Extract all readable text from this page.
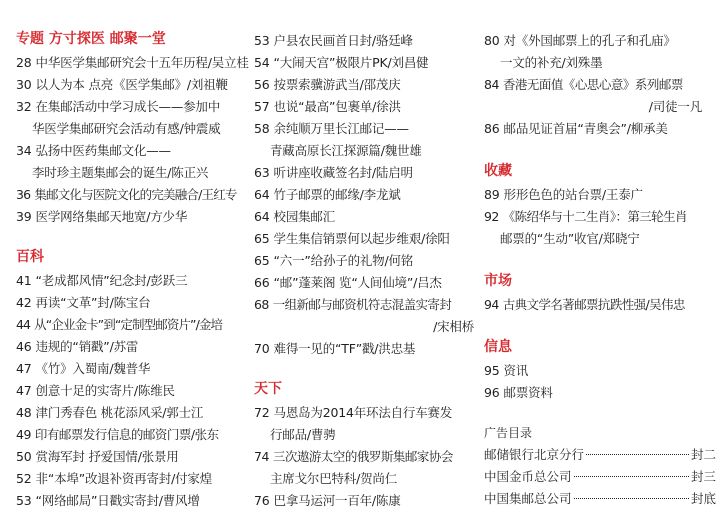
专题 方寸探医 邮聚一堂
28 中华医学集邮研究会十五年历程/吴立桂
30 以人为本 点亮《医学集邮》/刘祖鞭
32 在集邮活动中学习成长——参加中
华医学集邮研究会活动有感/钟震威
34 弘扬中医药集邮文化——
李时珍主题集邮会的诞生/陈正兴
36 集邮文化与医院文化的完美融合/王红专
39 医学网络集邮天地宽/方少华
百科
41 “老成都风情”纪念封/彭跃三
42 再读“文革”封/陈宝台
44 从“企业金卡”到“定制型邮资片”/金培
46 违规的“销戳”/苏雷
47 《竹》入蜀南/魏普华
47 创意十足的实寄片/陈维民
48 津门秀春色 桃花添风采/郭士江
49 印有邮票发行信息的邮资门票/张东
50 赏海军封 抒爱国情/张景用
52 非“本埠”改退补资再寄封/付家煌
53 “网络邮局”日戳实寄封/曹风增
53 户县农民画首日封/骆廷峰
54 “大闹天宫”极限片PK/刘昌健
56 按票索骥游武当/邵茂庆
57 也说“最高”包裹单/徐洪
58 余纯顺万里长江邮记——
青藏高原长江探源篇/魏世雄
63 听讲座收藏签名封/陆启明
64 竹子邮票的邮缘/李龙斌
64 校园集邮汇
65 学生集信销票何以起步维艰/徐阳
65 “六一”给孙子的礼物/何铭
66 “邮”蓬莱阁 览“人间仙境”/吕杰
68 一组新邮与邮资机符志混盖实寄封
/宋相桥
70 难得一见的“TF”戳/洪忠基
天下
72 马恩岛为2014年环法自行车赛发
行邮品/曹骋
74 三次遨游太空的俄罗斯集邮家协会
主席戈尔巴特科/贺尚仁
76 巴拿马运河一百年/陈康
80 对《外国邮票上的孔子和孔庙》
一文的补充/刘殊墨
84 香港无面值《心思心意》系列邮票
/司徒一凡
86 邮品见证首届“青奥会”/柳承美
收藏
89 形形色色的站台票/王泰广
92 《陈绍华与十二生肖》：第三轮生肖
邮票的“生动”收官/郑晓宁
市场
94 古典文学名著邮票抗跌性强/吴伟忠
信息
95 资讯
96 邮票资料
广告目录
邮储银行北京分行	封二
中国金币总公司	封三
中国集邮总公司	封底
